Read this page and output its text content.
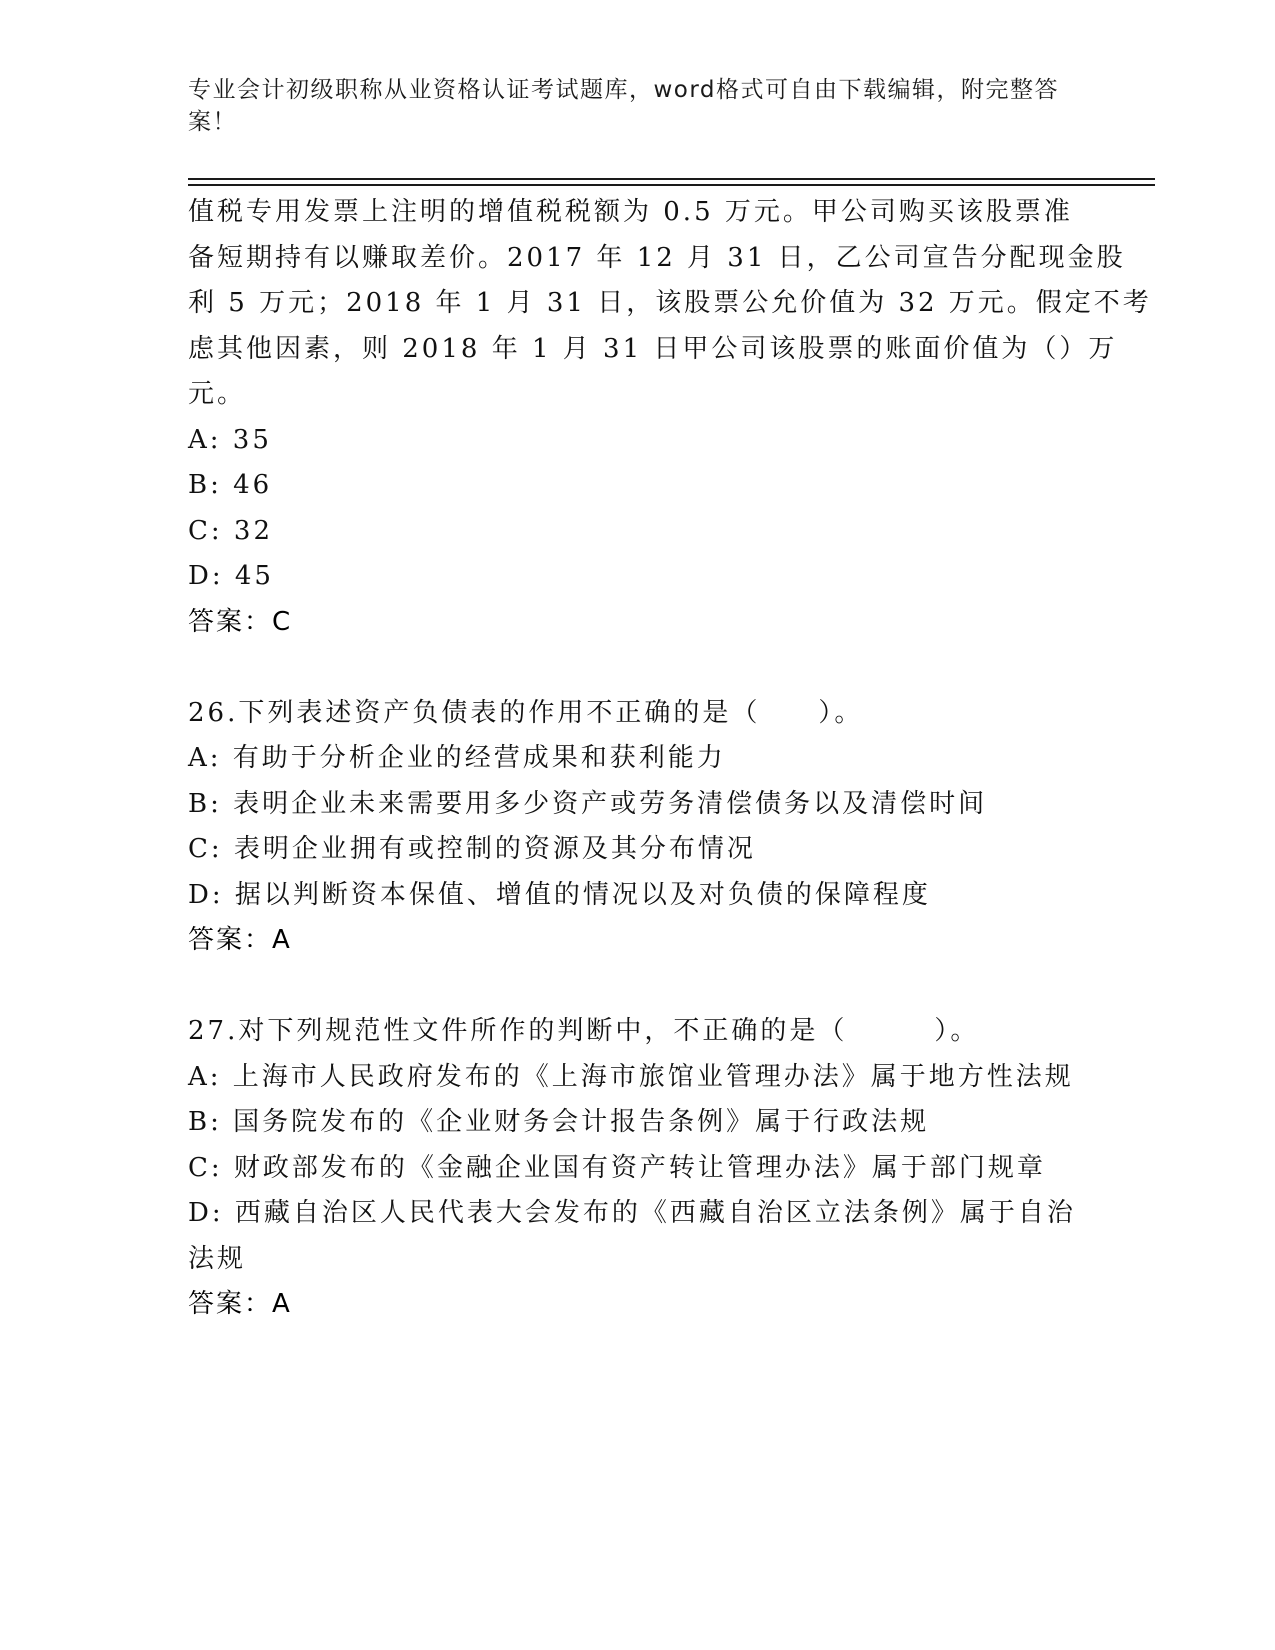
专业会计初级职称从业资格认证考试题库，word格式可自由下载编辑，附完整答案！
值税专用发票上注明的增值税税额为 0.5 万元。甲公司购买该股票准
备短期持有以赚取差价。2017 年 12 月 31 日，乙公司宣告分配现金股
利 5 万元；2018 年 1 月 31 日，该股票公允价值为 32 万元。假定不考
虑其他因素，则 2018 年 1 月 31 日甲公司该股票的账面价值为（）万
元。
A: 35
B: 46
C: 32
D: 45
答案：C
26.下列表述资产负债表的作用不正确的是（　　）。
A: 有助于分析企业的经营成果和获利能力
B: 表明企业未来需要用多少资产或劳务清偿债务以及清偿时间
C: 表明企业拥有或控制的资源及其分布情况
D: 据以判断资本保值、增值的情况以及对负债的保障程度
答案：A
27.对下列规范性文件所作的判断中，不正确的是（　　　）。
A: 上海市人民政府发布的《上海市旅馆业管理办法》属于地方性法规
B: 国务院发布的《企业财务会计报告条例》属于行政法规
C: 财政部发布的《金融企业国有资产转让管理办法》属于部门规章
D: 西藏自治区人民代表大会发布的《西藏自治区立法条例》属于自治
法规
答案：A
